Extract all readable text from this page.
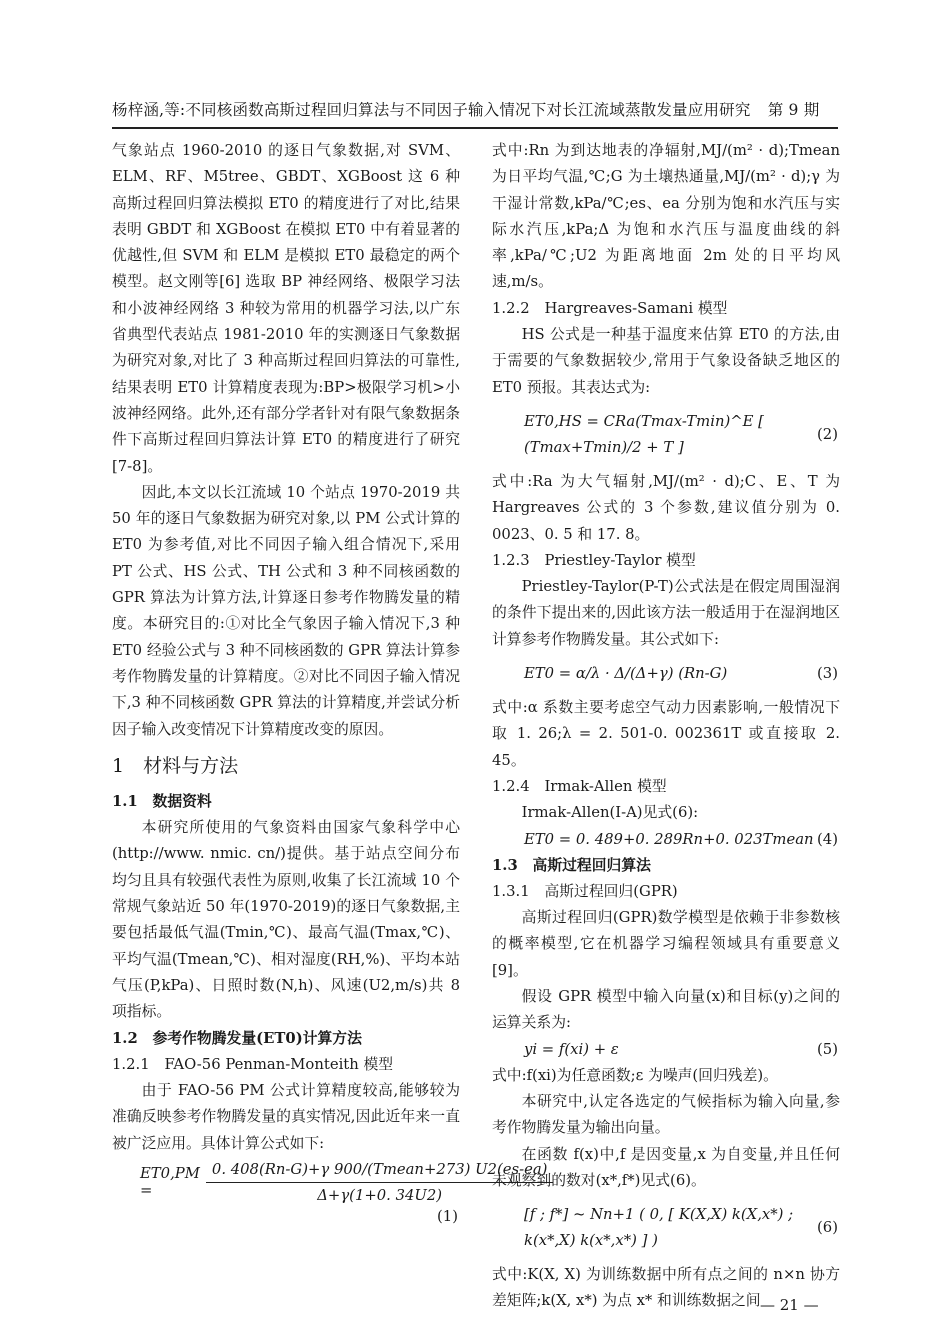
杨梓涵,等:不同核函数高斯过程回归算法与不同因子输入情况下对长江流域蒸散发量应用研究 第 9 期

气象站点 1960-2010 的逐日气象数据,对 SVM、ELM、RF、M5tree、GBDT、XGBoost 这 6 种高斯过程回归算法模拟 ET0 的精度进行了对比,结果表明 GBDT 和 XGBoost 在模拟 ET0 中有着显著的优越性,但 SVM 和 ELM 是模拟 ET0 最稳定的两个模型。赵文刚等[6] 选取 BP 神经网络、极限学习法和小波神经网络 3 种较为常用的机器学习法,以广东省典型代表站点 1981-2010 年的实测逐日气象数据为研究对象,对比了 3 种高斯过程回归算法的可靠性,结果表明 ET0 计算精度表现为:BP>极限学习机>小波神经网络。此外,还有部分学者针对有限气象数据条件下高斯过程回归算法计算 ET0 的精度进行了研究[7-8]。

因此,本文以长江流域 10 个站点 1970-2019 共 50 年的逐日气象数据为研究对象,以 PM 公式计算的 ET0 为参考值,对比不同因子输入组合情况下,采用 PT 公式、HS 公式、TH 公式和 3 种不同核函数的 GPR 算法为计算方法,计算逐日参考作物腾发量的精度。本研究目的:①对比全气象因子输入情况下,3 种 ET0 经验公式与 3 种不同核函数的 GPR 算法计算参考作物腾发量的计算精度。②对比不同因子输入情况下,3 种不同核函数 GPR 算法的计算精度,并尝试分析因子输入改变情况下计算精度改变的原因。

1　材料与方法
1.1　数据资料

本研究所使用的气象资料由国家气象科学中心(http://www. nmic. cn/)提供。基于站点空间分布均匀且具有较强代表性为原则,收集了长江流域 10 个常规气象站近 50 年(1970-2019)的逐日气象数据,主要包括最低气温(Tmin,℃)、最高气温(Tmax,℃)、平均气温(Tmean,℃)、相对湿度(RH,%)、平均本站气压(P,kPa)、日照时数(N,h)、风速(U2,m/s)共 8 项指标。

1.2　参考作物腾发量(ET0)计算方法
1.2.1　FAO-56 Penman-Monteith 模型

由于 FAO-56 PM 公式计算精度较高,能够较为准确反映参考作物腾发量的真实情况,因此近年来一直被广泛应用。具体计算公式如下:

ET0,PM =	$\frac{\text{0. 408(Rn-G)+γ 900/(Tmean+273) U2(es-ea)}}{\Delta+\gamma(1+0. 34U2)}$
(1)

式中:Rn 为到达地表的净辐射,MJ/(m² · d);Tmean 为日平均气温,℃;G 为土壤热通量,MJ/(m² · d);γ 为干湿计常数,kPa/℃;es、ea 分别为饱和水汽压与实际水汽压,kPa;Δ 为饱和水汽压与温度曲线的斜率,kPa/℃;U2 为距离地面 2m 处的日平均风速,m/s。

1.2.2　Hargreaves-Samani 模型

HS 公式是一种基于温度来估算 ET0 的方法,由于需要的气象数据较少,常用于气象设备缺乏地区的 ET0 预报。其表达式为:

ET0,HS = CRa(Tmax-Tmin)^E [ (Tmax+Tmin)/2 + T ]
(2)

式中:Ra 为大气辐射,MJ/(m² · d);C、E、T 为 Hargreaves 公式的 3 个参数,建议值分别为 0. 0023、0. 5 和 17. 8。

1.2.3　Priestley-Taylor 模型

Priestley-Taylor(P-T)公式法是在假定周围湿润的条件下提出来的,因此该方法一般适用于在湿润地区计算参考作物腾发量。其公式如下:

ET0 = α/λ · Δ/(Δ+γ) (Rn-G)	(3)

式中:α 系数主要考虑空气动力因素影响,一般情况下取 1. 26;λ = 2. 501-0. 002361T 或直接取 2. 45。

1.2.4　Irmak-Allen 模型

Irmak-Allen(I-A)见式(6):

ET0 = 0. 489+0. 289Rn+0. 023Tmean (4)
1.3　高斯过程回归算法
1.3.1　高斯过程回归(GPR)

高斯过程回归(GPR)数学模型是依赖于非参数核的概率模型,它在机器学习编程领域具有重要意义[9]。

假设 GPR 模型中输入向量(x)和目标(y)之间的运算关系为:

yi = f(xi) + ε	(5)

式中:f(xi)为任意函数;ε 为噪声(回归残差)。

本研究中,认定各选定的气候指标为输入向量,参考作物腾发量为输出向量。

在函数 f(x)中,f 是因变量,x 为自变量,并且任何未观察到的数对(x*,f*)见式(6)。

[f ; f*] ~ Nn+1 ( 0, [ K(X,X) k(X,x*) ; k(x*,X) k(x*,x*) ] )
(6)

式中:K(X, X) 为训练数据中所有点之间的 n×n 协方差矩阵;k(X, x*) 为点 x* 和训练数据之间 — 21 —
